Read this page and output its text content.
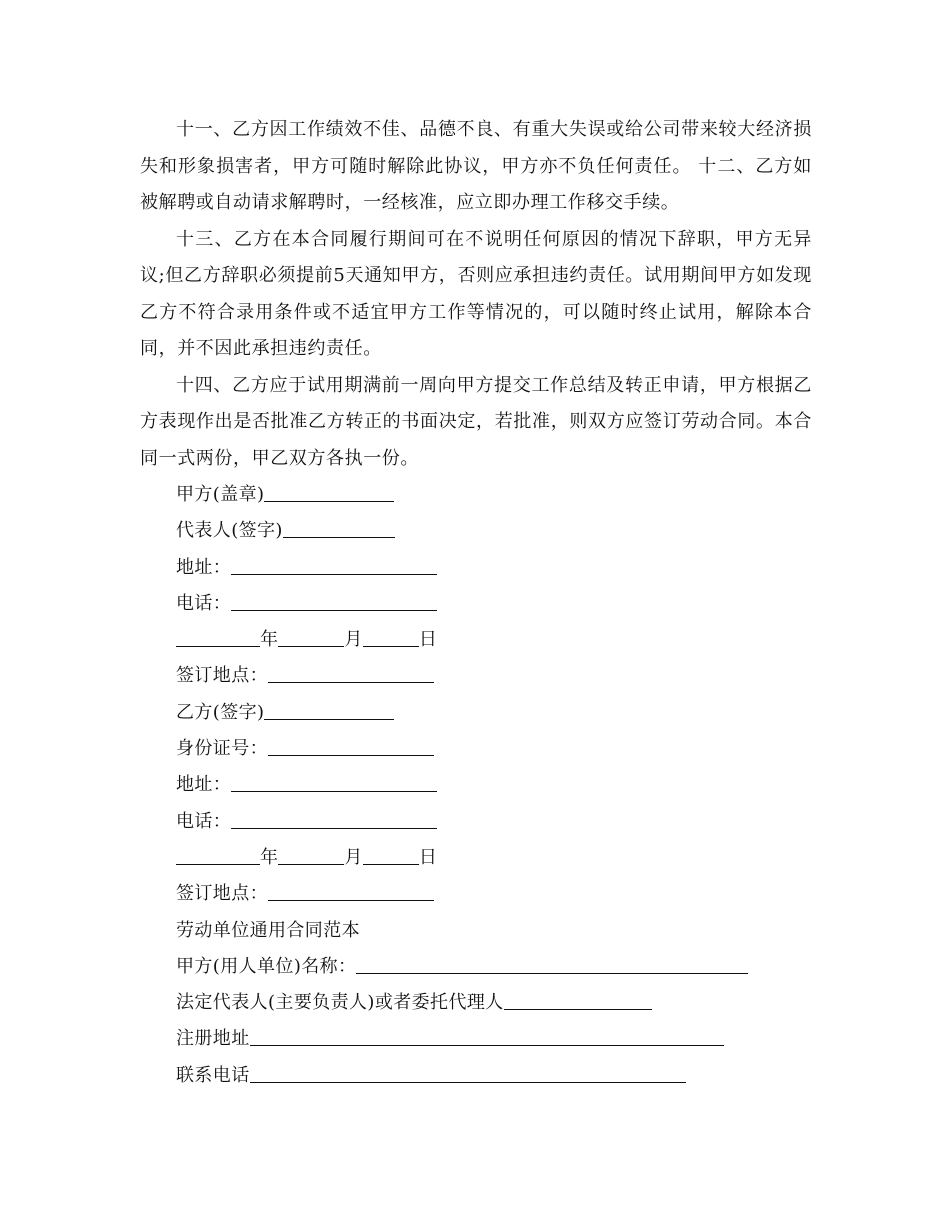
十一、乙方因工作绩效不佳、品德不良、有重大失误或给公司带来较大经济损失和形象损害者，甲方可随时解除此协议，甲方亦不负任何责任。 十二、乙方如被解聘或自动请求解聘时，一经核准，应立即办理工作移交手续。

十三、乙方在本合同履行期间可在不说明任何原因的情况下辞职，甲方无异议;但乙方辞职必须提前5天通知甲方，否则应承担违约责任。试用期间甲方如发现乙方不符合录用条件或不适宜甲方工作等情况的，可以随时终止试用，解除本合同，并不因此承担违约责任。

十四、乙方应于试用期满前一周向甲方提交工作总结及转正申请，甲方根据乙方表现作出是否批准乙方转正的书面决定，若批准，则双方应签订劳动合同。本合同一式两份，甲乙双方各执一份。

甲方(盖章)

代表人(签字)

地址：

电话：

年	月	日

签订地点：

乙方(签字)

身份证号：

地址：

电话：

年	月	日

签订地点：

劳动单位通用合同范本

甲方(用人单位)名称：

法定代表人(主要负责人)或者委托代理人

注册地址

联系电话
